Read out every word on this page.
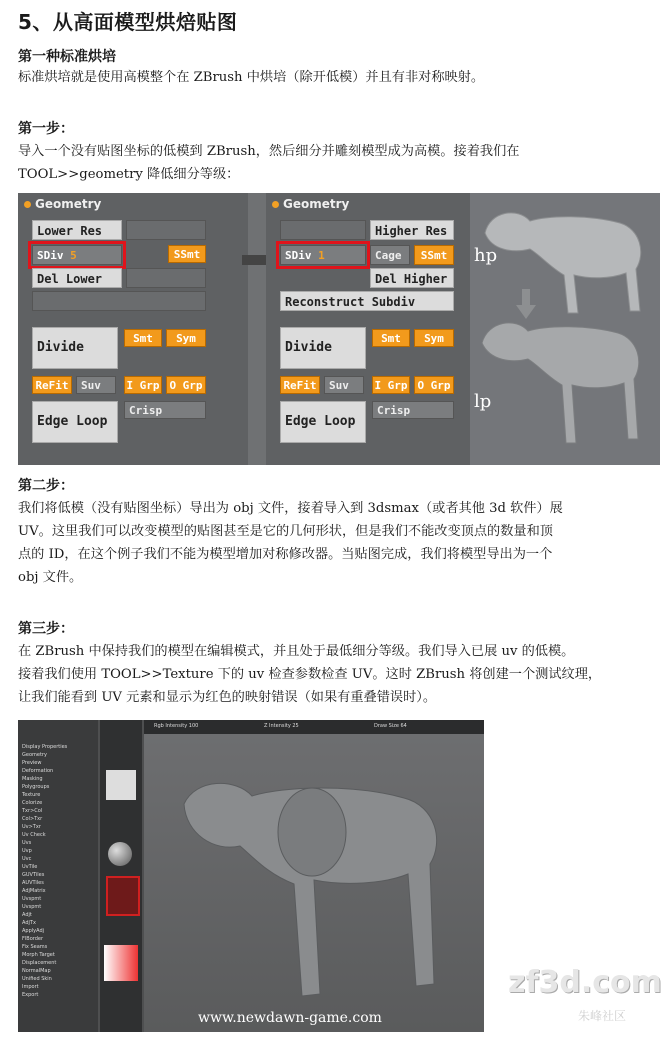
5、从高面模型烘焙贴图
第一种标准烘培
标准烘培就是使用高模整个在 ZBrush 中烘培（除开低模）并且有非对称映射。
第一步：
导入一个没有贴图坐标的低模到 ZBrush，然后细分并雕刻模型成为高模。接着我们在
TOOL>>geometry 降低细分等级：
Geometry
Lower Res
SDiv 5	SSmt
Del Lower
Divide
Smt	Sym
ReFit	Suv	I Grp O Grp
Edge Loop
Crisp
Geometry
Higher Res
SDiv 1	Cage	SSmt
Del Higher
Reconstruct Subdiv
Divide
Smt	Sym
ReFit	Suv	I Grp O Grp
Edge Loop
Crisp
hp
lp
第二步：
我们将低模（没有贴图坐标）导出为 obj 文件，接着导入到 3dsmax（或者其他 3d 软件）展
UV。这里我们可以改变模型的贴图甚至是它的几何形状，但是我们不能改变顶点的数量和顶
点的 ID，在这个例子我们不能为模型增加对称修改器。当贴图完成，我们将模型导出为一个
obj 文件。
第三步：
在 ZBrush 中保持我们的模型在编辑模式，并且处于最低细分等级。我们导入已展 uv 的低模。
接着我们使用 TOOL>>Texture 下的 uv 检查参数检查 UV。这时 ZBrush 将创建一个测试纹理，
让我们能看到 UV 元素和显示为红色的映射错误（如果有重叠错误时）。
Display Properties
Geometry
Preview
Deformation
Masking
Polygroups
Texture
Colorize
Txr>Col
Col>Txr
Uv>Txr
Uv Check
Uvs
Uvp
Uvc
UvTile
GUVTiles
AUVTiles
AdjMatrix
Uvspmt
Uvspmt
Adjt
AdjTx
ApplyAdj
FlBorder
Fix Seams
Morph Target
Displacement
NormalMap
Unified Skin
Import
Export
Rgb Intensity 100	Z Intensity 25	Draw Size 64
www.newdawn-game.com
zf3d.com
朱峰社区
